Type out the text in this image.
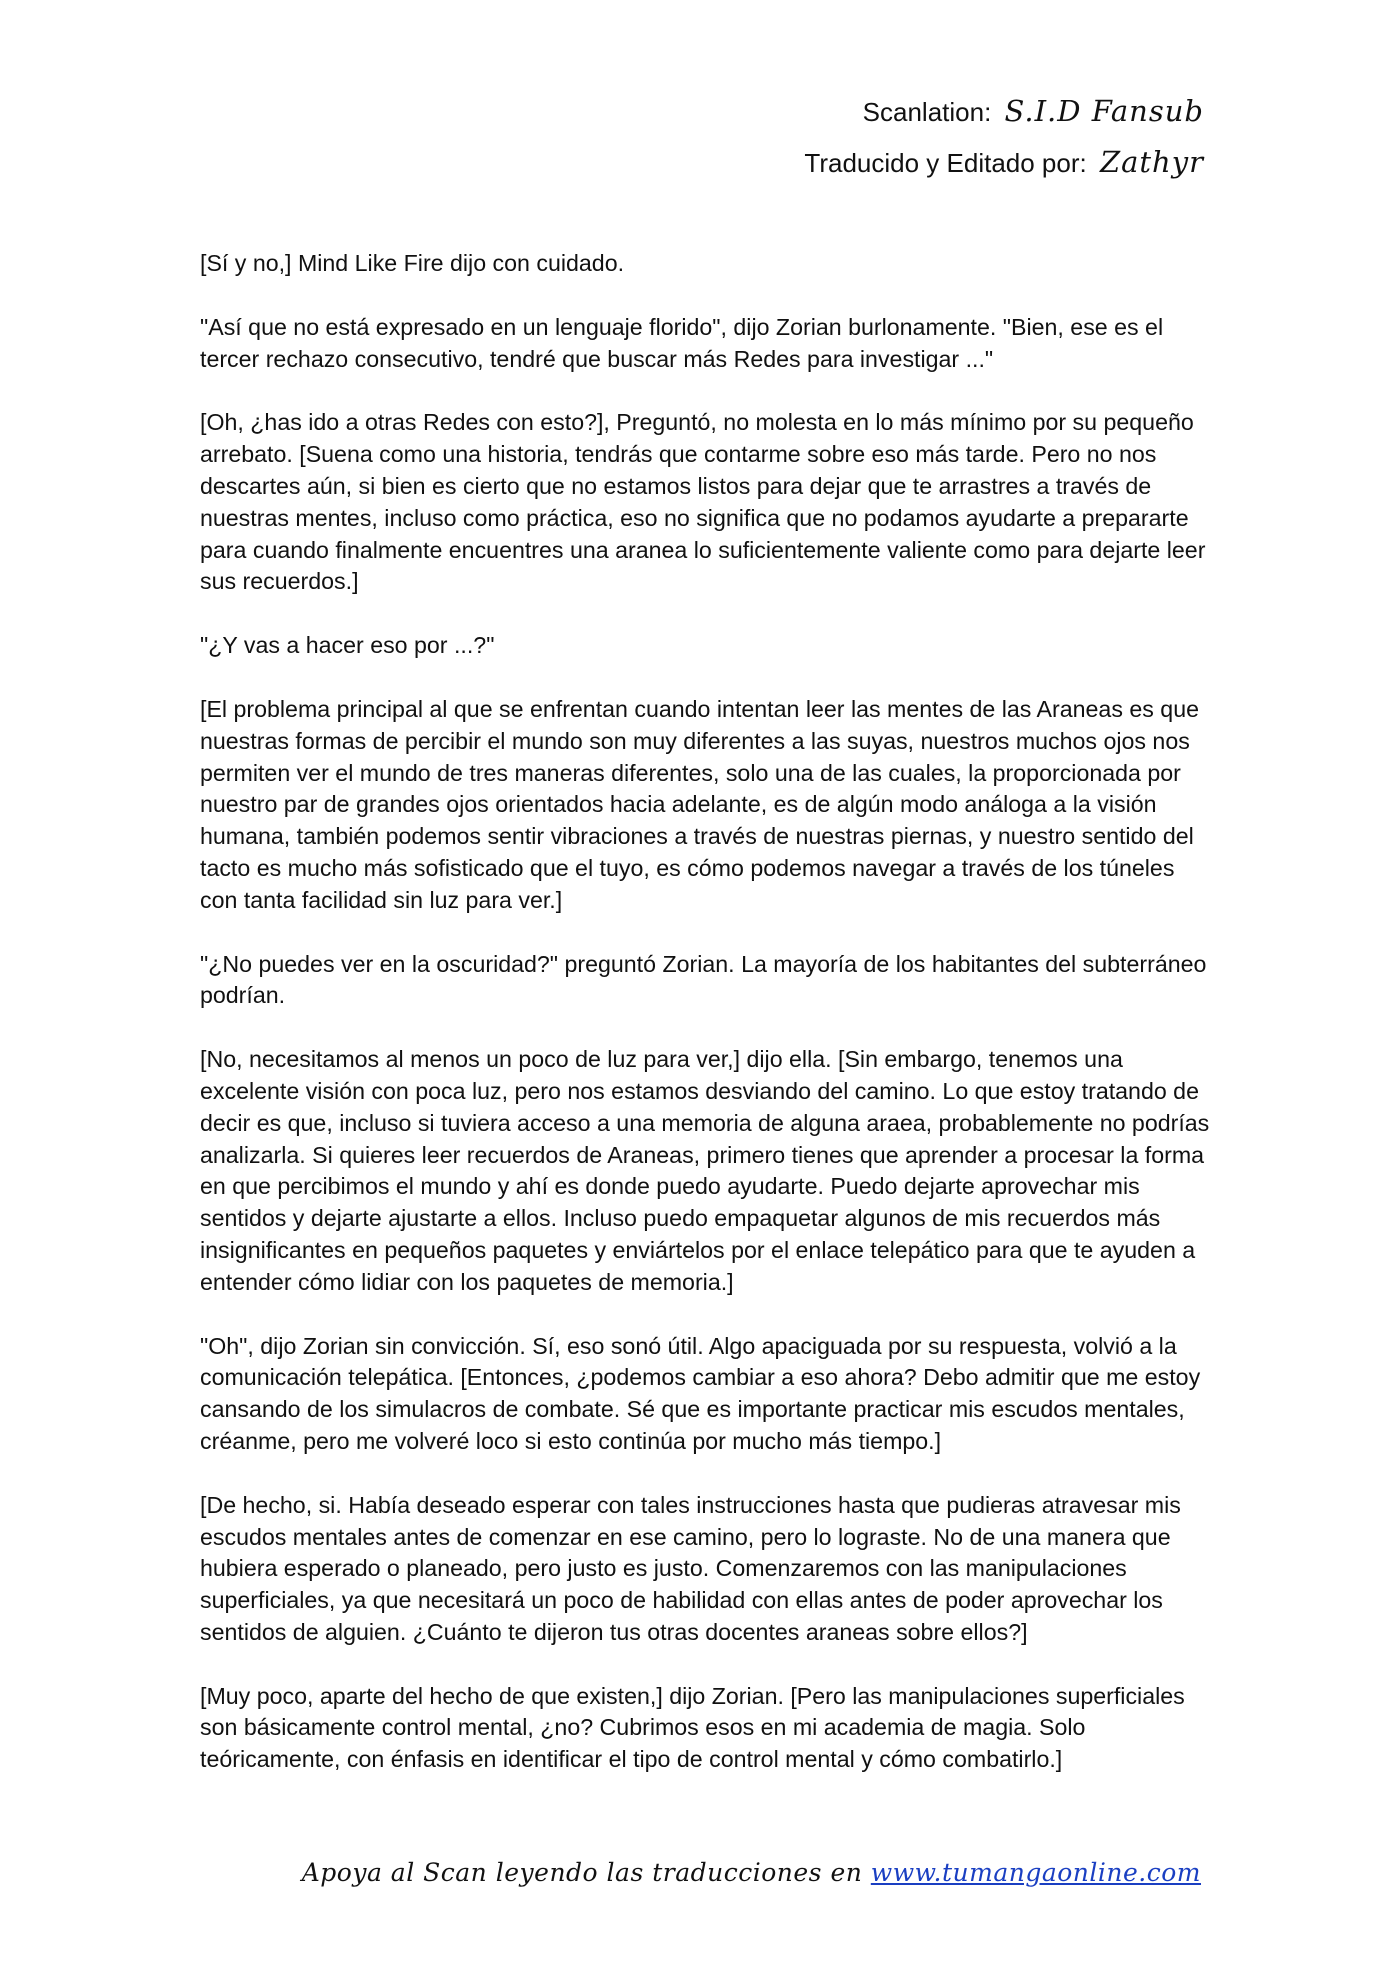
Scanlation: S.I.D Fansub
Traducido y Editado por: Zathyr

[Sí y no,] Mind Like Fire dijo con cuidado.

"Así que no está expresado en un lenguaje florido", dijo Zorian burlonamente. "Bien, ese es el tercer rechazo consecutivo, tendré que buscar más Redes para investigar ..."

[Oh, ¿has ido a otras Redes con esto?], Preguntó, no molesta en lo más mínimo por su pequeño arrebato. [Suena como una historia, tendrás que contarme sobre eso más tarde. Pero no nos descartes aún, si bien es cierto que no estamos listos para dejar que te arrastres a través de nuestras mentes, incluso como práctica, eso no significa que no podamos ayudarte a prepararte para cuando finalmente encuentres una aranea lo suficientemente valiente como para dejarte leer sus recuerdos.]

"¿Y vas a hacer eso por ...?"

[El problema principal al que se enfrentan cuando intentan leer las mentes de las Araneas es que nuestras formas de percibir el mundo son muy diferentes a las suyas, nuestros muchos ojos nos permiten ver el mundo de tres maneras diferentes, solo una de las cuales, la proporcionada por nuestro par de grandes ojos orientados hacia adelante, es de algún modo análoga a la visión humana, también podemos sentir vibraciones a través de nuestras piernas, y nuestro sentido del tacto es mucho más sofisticado que el tuyo, es cómo podemos navegar a través de los túneles con tanta facilidad sin luz para ver.]

"¿No puedes ver en la oscuridad?" preguntó Zorian. La mayoría de los habitantes del subterráneo podrían.

[No, necesitamos al menos un poco de luz para ver,] dijo ella. [Sin embargo, tenemos una excelente visión con poca luz, pero nos estamos desviando del camino. Lo que estoy tratando de decir es que, incluso si tuviera acceso a una memoria de alguna araea, probablemente no podrías analizarla. Si quieres leer recuerdos de Araneas, primero tienes que aprender a procesar la forma en que percibimos el mundo y ahí es donde puedo ayudarte. Puedo dejarte aprovechar mis sentidos y dejarte ajustarte a ellos. Incluso puedo empaquetar algunos de mis recuerdos más insignificantes en pequeños paquetes y enviártelos por el enlace telepático para que te ayuden a entender cómo lidiar con los paquetes de memoria.]

"Oh", dijo Zorian sin convicción. Sí, eso sonó útil. Algo apaciguada por su respuesta, volvió a la comunicación telepática. [Entonces, ¿podemos cambiar a eso ahora? Debo admitir que me estoy cansando de los simulacros de combate. Sé que es importante practicar mis escudos mentales, créanme, pero me volveré loco si esto continúa por mucho más tiempo.]

[De hecho, si. Había deseado esperar con tales instrucciones hasta que pudieras atravesar mis escudos mentales antes de comenzar en ese camino, pero lo lograste. No de una manera que hubiera esperado o planeado, pero justo es justo. Comenzaremos con las manipulaciones superficiales, ya que necesitará un poco de habilidad con ellas antes de poder aprovechar los sentidos de alguien. ¿Cuánto te dijeron tus otras docentes araneas sobre ellos?]

[Muy poco, aparte del hecho de que existen,] dijo Zorian. [Pero las manipulaciones superficiales son básicamente control mental, ¿no? Cubrimos esos en mi academia de magia. Solo teóricamente, con énfasis en identificar el tipo de control mental y cómo combatirlo.]

Apoya al Scan leyendo las traducciones en www.tumangaonline.com
